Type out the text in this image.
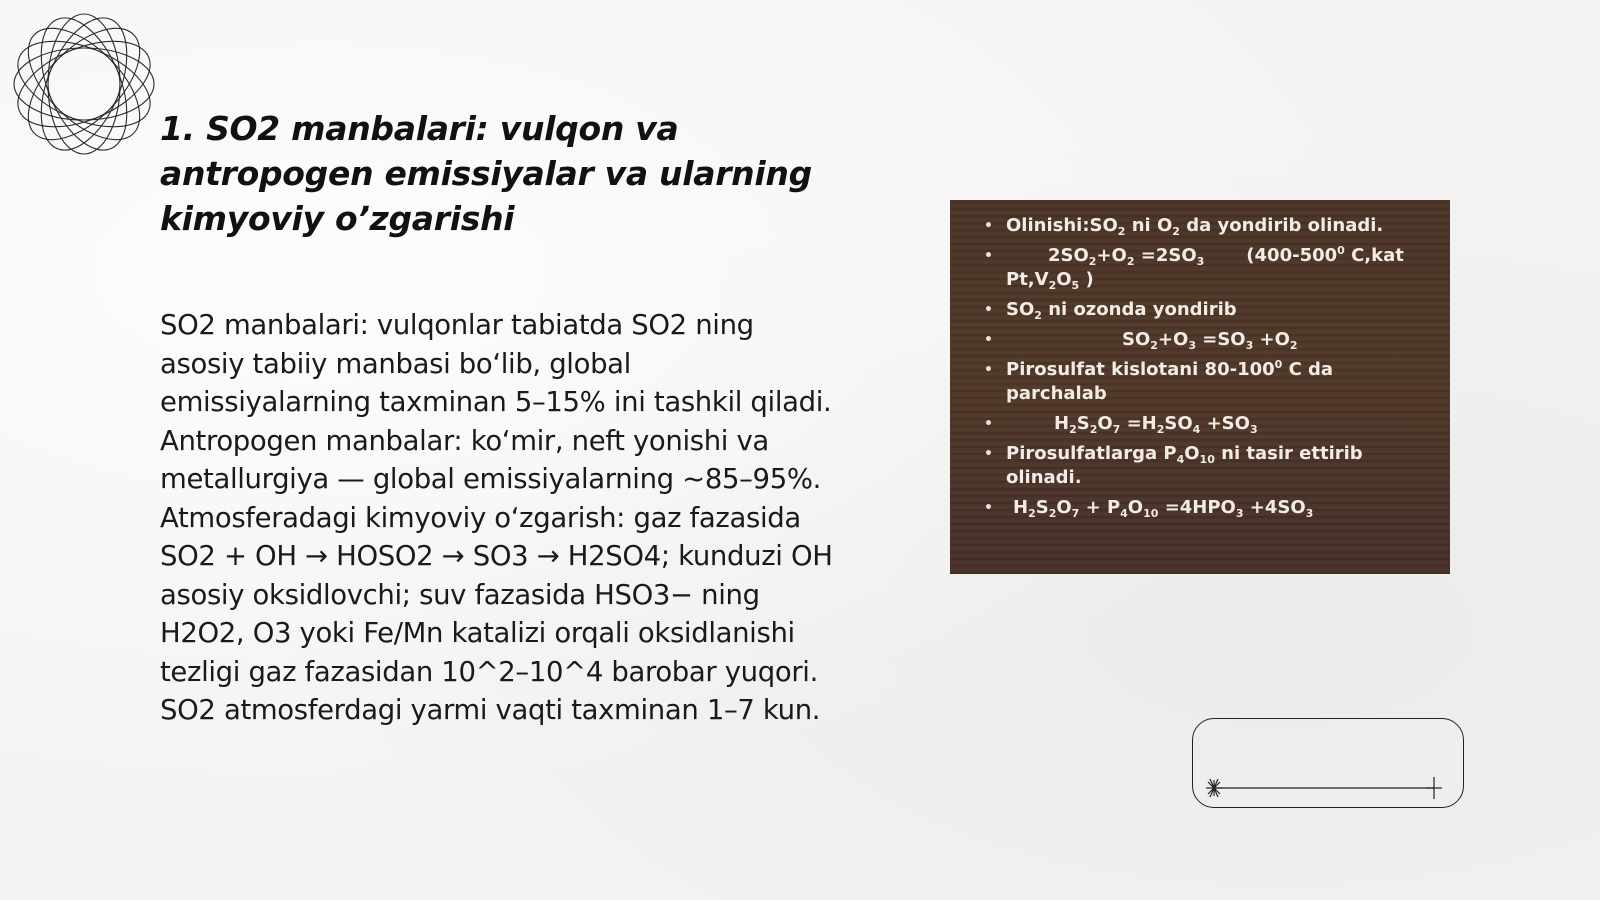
1. SO2 manbalari: vulqon va antropogen emissiyalar va ularning kimyoviy o’zgarishi

SO2 manbalari: vulqonlar tabiatda SO2 ning asosiy tabiiy manbasi bo‘lib, global emissiyalarning taxminan 5–15% ini tashkil qiladi. Antropogen manbalar: ko‘mir, neft yonishi va metallurgiya — global emissiyalarning ~85–95%. Atmosferadagi kimyoviy o‘zgarish: gaz fazasida SO2 + OH → HOSO2 → SO3 → H2SO4; kunduzi OH asosiy oksidlovchi; suv fazasida HSO3− ning H2O2, O3 yoki Fe/Mn katalizi orqali oksidlanishi tezligi gaz fazasidan 10^2–10^4 barobar yuqori. SO2 atmosferdagi yarmi vaqti taxminan 1–7 kun.

• $Olinishi:SO_2$ ni $O_2$ da yondirib olinadi.
• $2SO_2+O_2 =2SO_3$ ($400-500^0$ C,kat $Pt,V_2O_5$ )
• $SO_2$ ni ozonda yondirib
• $SO_2+O_3 =SO_3 +O_2$
• Pirosulfat kislotani $80-100^0$ C da parchalab
• $H_2S_2O_7 =H_2SO_4 +SO_3$
• Pirosulfatlarga $P_4O_{10}$ ni tasir ettirib olinadi.
• $H_2S_2O_7 + P_4O_{10} =4HPO_3 +4SO_3$
